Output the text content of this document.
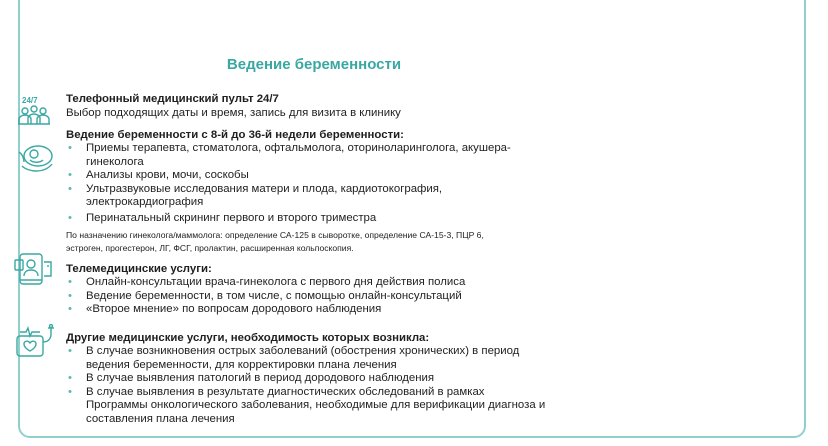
Ведение беременности
24/7 Телефонный медицинский пульт 24/7
Выбор подходящих даты и время, запись для визита в клинику
Ведение беременности с 8-й до 36-й недели беременности:
• Приемы терапевта, стоматолога, офтальмолога, оториноларинголога, акушера-
гинеколога
• Анализы крови, мочи, соскобы
• Ультразвуковые исследования матери и плода, кардиотокография,
электрокардиография
• Перинатальный скрининг первого и второго триместра
По назначению гинеколога/маммолога: определение СА-125 в сыворотке, определение СА-15-3, ПЦР 6,
эстроген, прогестерон, ЛГ, ФСГ, пролактин, расширенная кольпоскопия.
Телемедицинские услуги:
• Онлайн-консультации врача-гинеколога с первого дня действия полиса
• Ведение беременности, в том числе, с помощью онлайн-консультаций
• «Второе мнение» по вопросам дородового наблюдения
Другие медицинские услуги, необходимость которых возникла:
• В случае возникновения острых заболеваний (обострения хронических) в период
ведения беременности, для корректировки плана лечения
• В случае выявления патологий в период дородового наблюдения
• В случае выявления в результате диагностических обследований в рамках
Программы онкологического заболевания, необходимые для верификации диагноза и
составления плана лечения
